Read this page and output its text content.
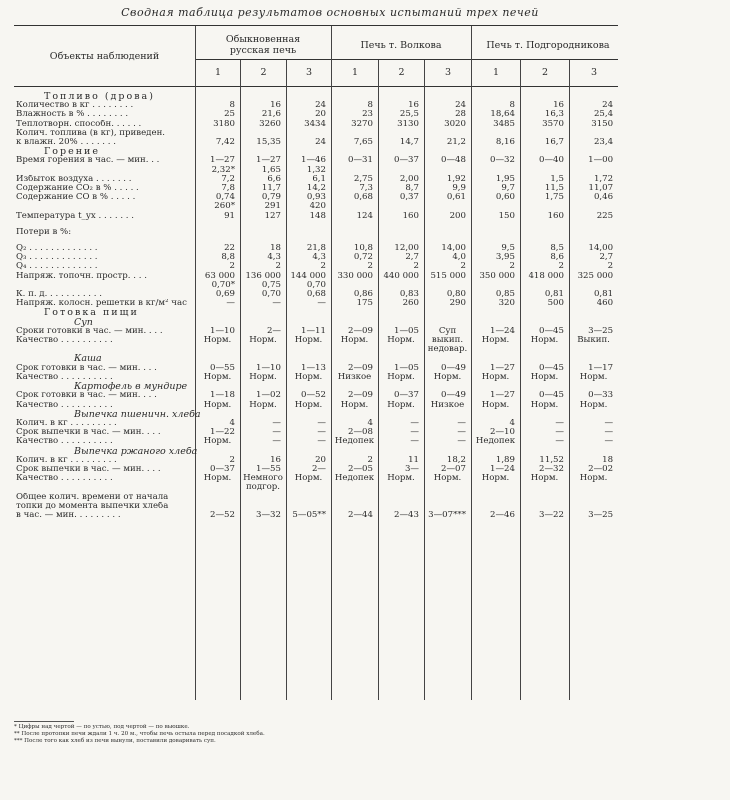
Сводная таблица результатов основных испытаний трех печей
Объекты наблюдений
Обыкновенная русская печь	Печь т. Волкова	Печь т. Подгородникова
1	2	3	1	2	3	1	2	3
Топливо (дрова)									
Количество в кг . . . . . . . .	8	16	24	8	16	24	8	16	24
Влажность в % . . . . . . . .	25	21,6	20	23	25,5	28	18,64	16,3	25,4
Теплотворн. способн. . . . . .	3180	3260	3434	3270	3130	3020	3485	3570	3150
Колич. топлива (в кг), приведен.									
к влажн. 20% . . . . . . .	7,42	15,35	24	7,65	14,7	21,2	8,16	16,7	23,4
Горение									
Время горения в час. — мин. . .	1—27	1—27	1—46	0—31	0—37	0—48	0—32	0—40	1—00
	2,32*	1,65	1,32						
Избыток воздуха . . . . . . .	7,2	6,6	6,1	2,75	2,00	1,92	1,95	1,5	1,72
Содержание CO₂ в % . . . . .	7,8	11,7	14,2	7,3	8,7	9,9	9,7	11,5	11,07
Содержание CO в % . . . . .	0,74	0,79	0,93	0,68	0,37	0,61	0,60	1,75	0,46
	260*	291	420						
Температура t_ух . . . . . . .	91	127	148	124	160	200	150	160	225

Потери в %:									

Q₂ . . . . . . . . . . . . .	22	18	21,8	10,8	12,00	14,00	9,5	8,5	14,00
Q₃ . . . . . . . . . . . . .	8,8	4,3	4,3	0,72	2,7	4,0	3,95	8,6	2,7
Q₄ . . . . . . . . . . . . .	2	2	2	2	2	2	2	2	2
Напряж. топочн. простр. . . .	63 000	136 000	144 000	330 000	440 000	515 000	350 000	418 000	325 000
	0,70*	0,75	0,70						
К. п. д. . . . . . . . . . .	0,69	0,70	0,68	0,86	0,83	0,80	0,85	0,81	0,81
Напряж. колосн. решетки в кг/м² час	—	—	—	175	260	290	320	500	460
Готовка пищи									
Суп									
Сроки готовки в час. — мин. . . .	1—10	2—	1—11	2—09	1—05	Суп	1—24	0—45	3—25
Качество . . . . . . . . . .	Норм.	Норм.	Норм.	Норм.	Норм.	выкип.	Норм.	Норм.	Выкип.
						недовар.			
Каша									
Срок готовки в час. — мин. . . .	0—55	1—10	1—13	2—09	1—05	0—49	1—27	0—45	1—17
Качество . . . . . . . . . .	Норм.	Норм.	Норм.	Низкое	Норм.	Норм.	Норм.	Норм.	Норм.
Картофель в мундире									
Срок готовки в час. — мин. . . .	1—18	1—02	0—52	2—09	0—37	0—49	1—27	0—45	0—33
Качество . . . . . . . . . .	Норм.	Норм.	Норм.	Норм.	Норм.	Низкое	Норм.	Норм.	Норм.
Выпечка пшеничн. хлеба									
Колич. в кг . . . . . . . . .	4	—	—	4	—	—	4	—	—
Срок выпечки в час. — мин. . . .	1—22	—	—	2—08	—	—	2—10	—	—
Качество . . . . . . . . . .	Норм.	—	—	Недопек	—	—	Недопек	—	—
Выпечка ржаного хлеба									
Колич. в кг . . . . . . . . .	2	16	20	2	11	18,2	1,89	11,52	18
Срок выпечки в час. — мин. . . .	0—37	1—55	2—	2—05	3—	2—07	1—24	2—32	2—02
Качество . . . . . . . . . .	Норм.	Немного	Норм.	Недопек	Норм.	Норм.	Норм.	Норм.	Норм.
		подгор.							
Общее колич. времени от начала									
топки до момента выпечки хлеба									
в час. — мин. . . . . . . . .	2—52	3—32	5—05**	2—44	2—43	3—07***	2—46	3—22	3—25
* Цифры над чертой — по устью, под чертой — по вьюшке.
** После протопки печи ждали 1 ч. 20 м., чтобы печь остыла перед посадкой хлеба.
*** После того как хлеб из печи вынули, поставили доваривать суп.
